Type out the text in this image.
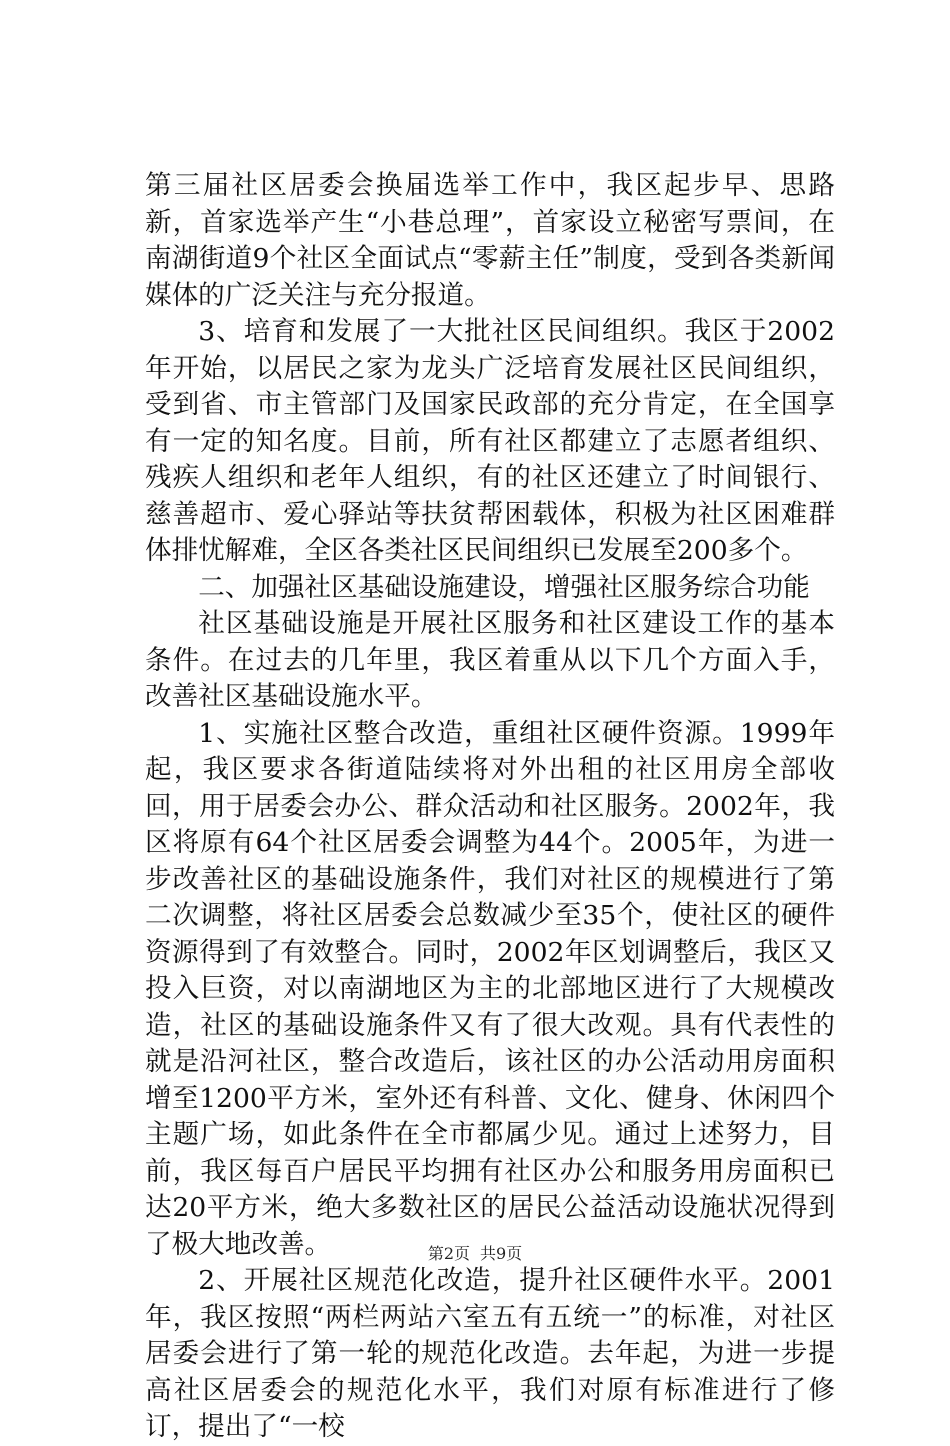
第三届社区居委会换届选举工作中，我区起步早、思路新，首家选举产生“小巷总理”，首家设立秘密写票间，在南湖街道9个社区全面试点“零薪主任”制度，受到各类新闻媒体的广泛关注与充分报道。

3、培育和发展了一大批社区民间组织。我区于2002年开始，以居民之家为龙头广泛培育发展社区民间组织，受到省、市主管部门及国家民政部的充分肯定，在全国享有一定的知名度。目前，所有社区都建立了志愿者组织、残疾人组织和老年人组织，有的社区还建立了时间银行、慈善超市、爱心驿站等扶贫帮困载体，积极为社区困难群体排忧解难，全区各类社区民间组织已发展至200多个。

二、加强社区基础设施建设，增强社区服务综合功能

社区基础设施是开展社区服务和社区建设工作的基本条件。在过去的几年里，我区着重从以下几个方面入手，改善社区基础设施水平。

1、实施社区整合改造，重组社区硬件资源。1999年起，我区要求各街道陆续将对外出租的社区用房全部收回，用于居委会办公、群众活动和社区服务。2002年，我区将原有64个社区居委会调整为44个。2005年，为进一步改善社区的基础设施条件，我们对社区的规模进行了第二次调整，将社区居委会总数减少至35个，使社区的硬件资源得到了有效整合。同时，2002年区划调整后，我区又投入巨资，对以南湖地区为主的北部地区进行了大规模改造，社区的基础设施条件又有了很大改观。具有代表性的就是沿河社区，整合改造后，该社区的办公活动用房面积增至1200平方米，室外还有科普、文化、健身、休闲四个主题广场，如此条件在全市都属少见。通过上述努力，目前，我区每百户居民平均拥有社区办公和服务用房面积已达20平方米，绝大多数社区的居民公益活动设施状况得到了极大地改善。

2、开展社区规范化改造，提升社区硬件水平。2001年，我区按照“两栏两站六室五有五统一”的标准，对社区居委会进行了第一轮的规范化改造。去年起，为进一步提高社区居委会的规范化水平，我们对原有标准进行了修订，提出了“一校

第2页 共9页
